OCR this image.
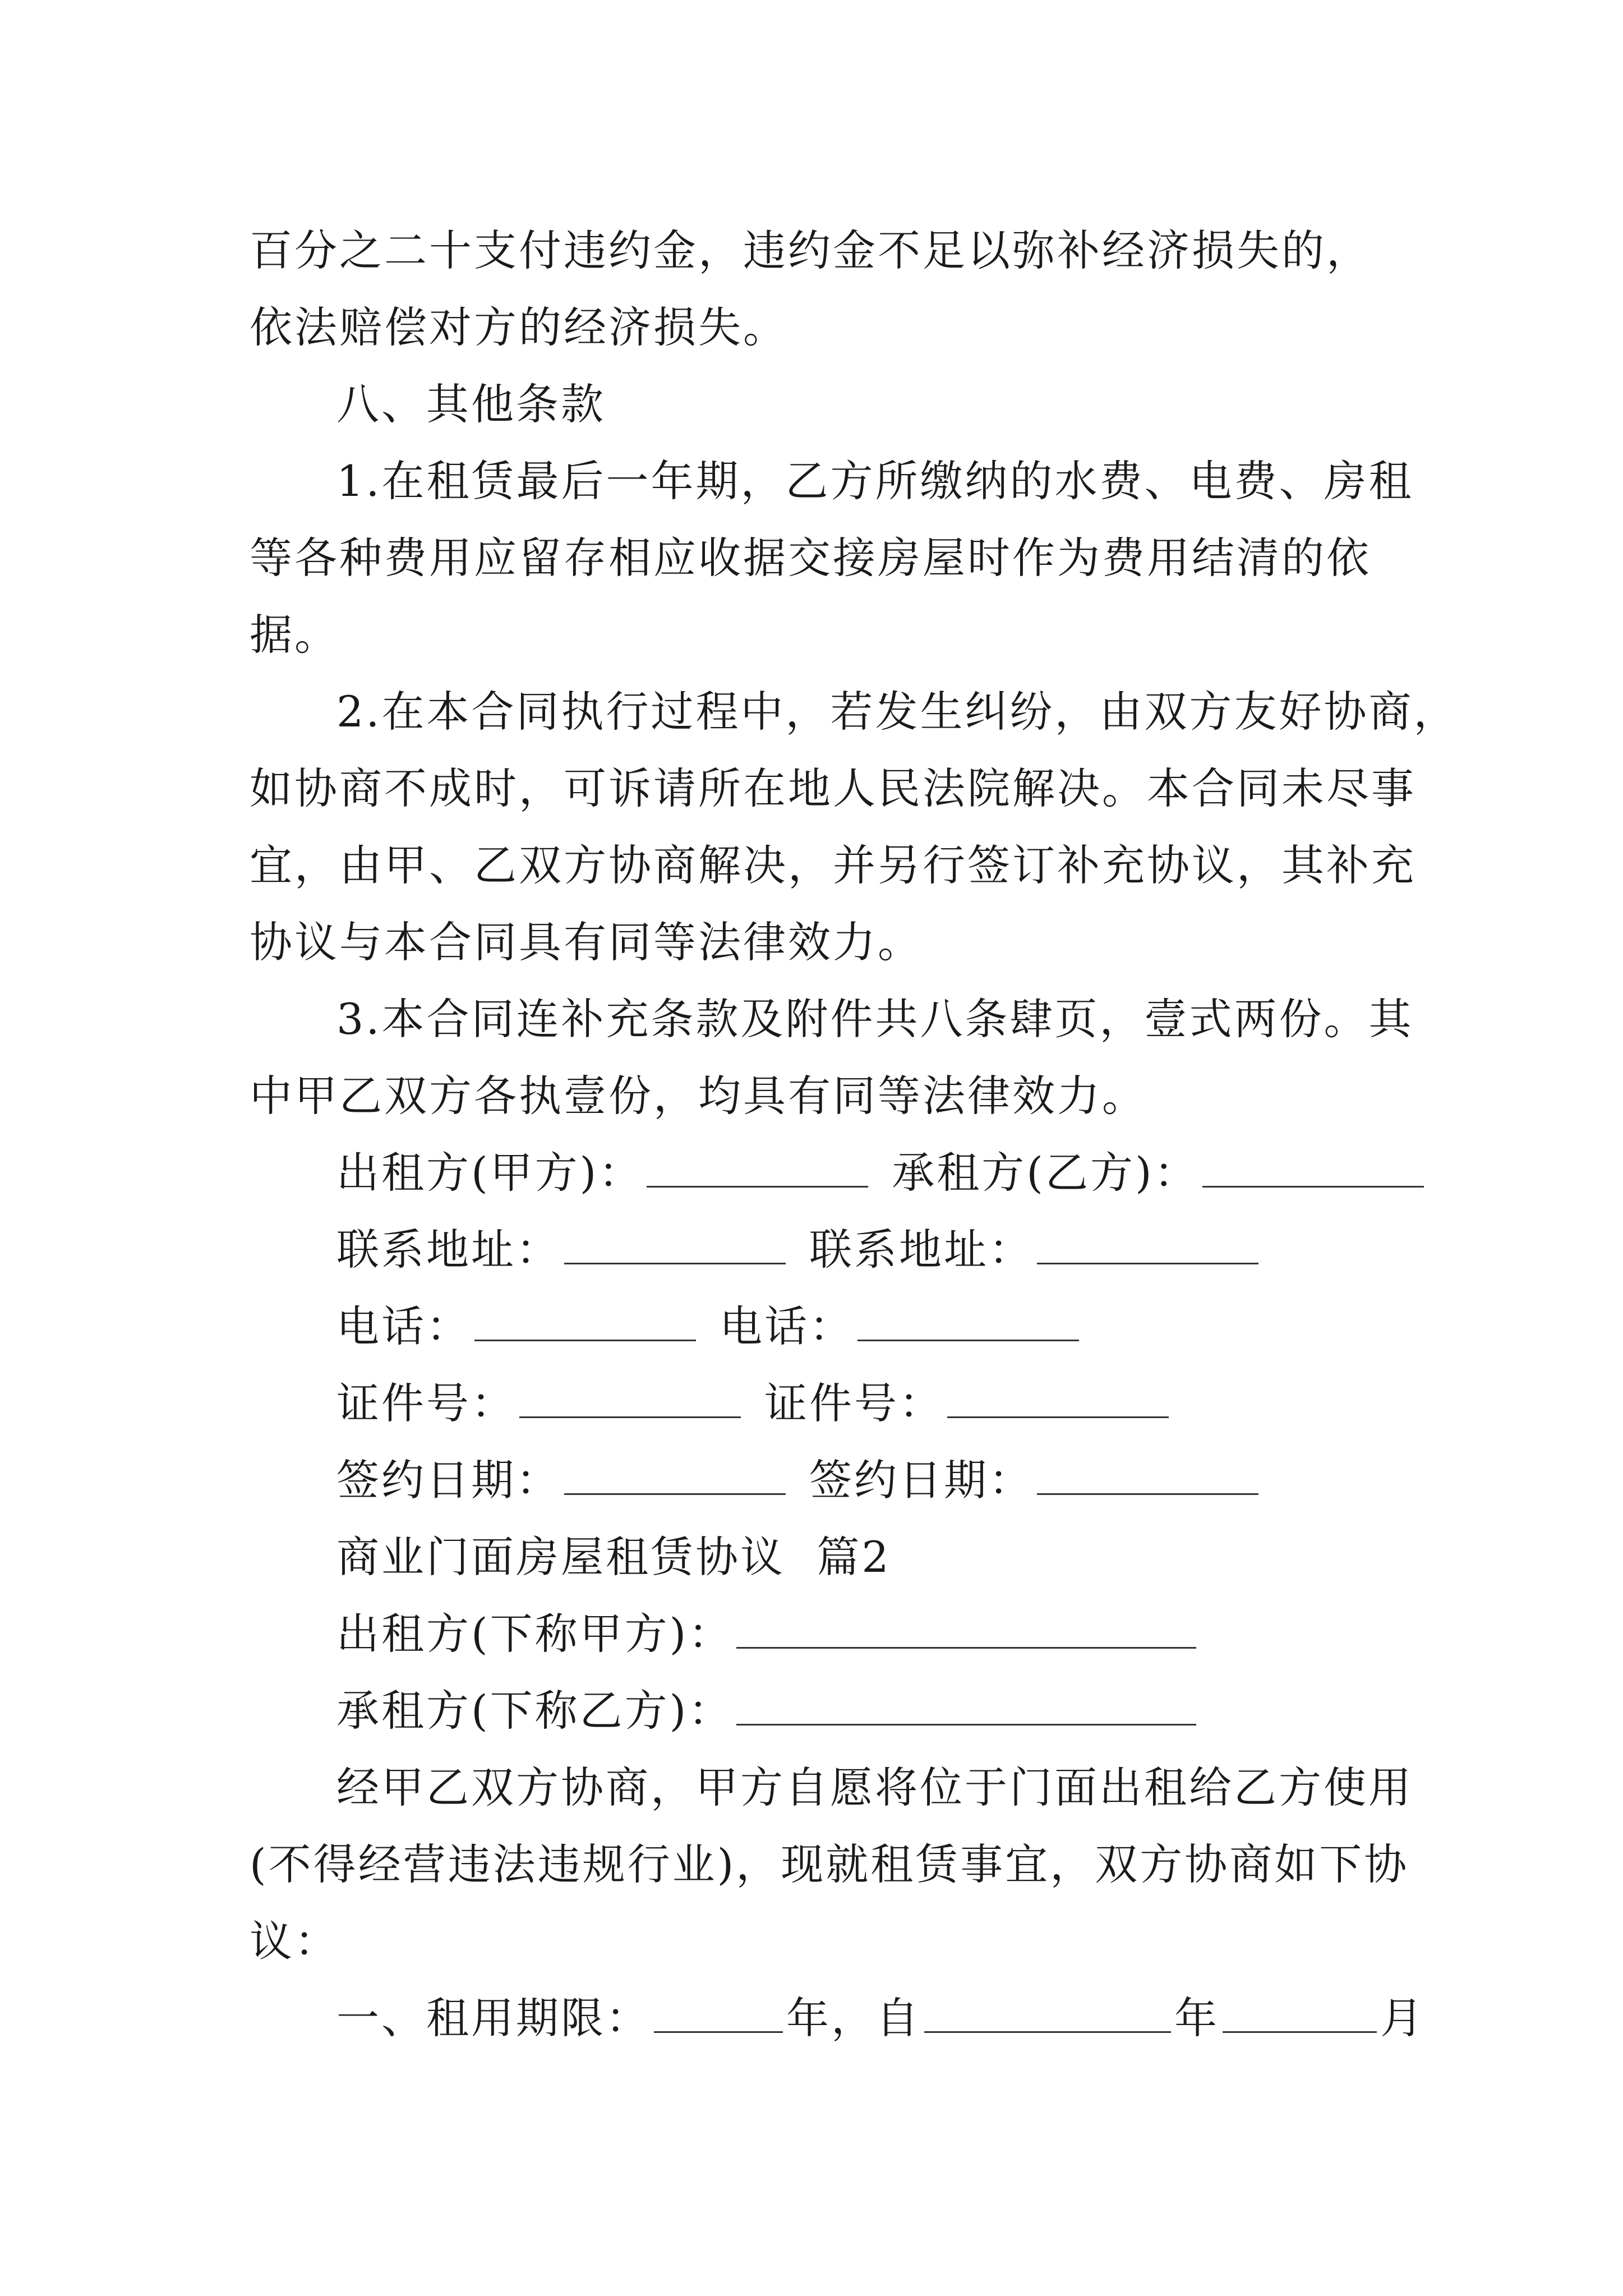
百分之二十支付违约金，违约金不足以弥补经济损失的，
依法赔偿对方的经济损失。
八、其他条款
1.在租赁最后一年期，乙方所缴纳的水费、电费、房租
等各种费用应留存相应收据交接房屋时作为费用结清的依
据。
2.在本合同执行过程中，若发生纠纷，由双方友好协商，
如协商不成时，可诉请所在地人民法院解决。本合同未尽事
宜，由甲、乙双方协商解决，并另行签订补充协议，其补充
协议与本合同具有同等法律效力。
3.本合同连补充条款及附件共八条肆页，壹式两份。其
中甲乙双方各执壹份，均具有同等法律效力。
出租方(甲方)：	承租方(乙方)：
联系地址：	联系地址：
电话：	电话：
证件号：	证件号：
签约日期：	签约日期：
商业门面房屋租赁协议  篇2
出租方(下称甲方)：
承租方(下称乙方)：
经甲乙双方协商，甲方自愿将位于门面出租给乙方使用
(不得经营违法违规行业)，现就租赁事宜，双方协商如下协
议：
一、租用期限：	年，自	年	月
